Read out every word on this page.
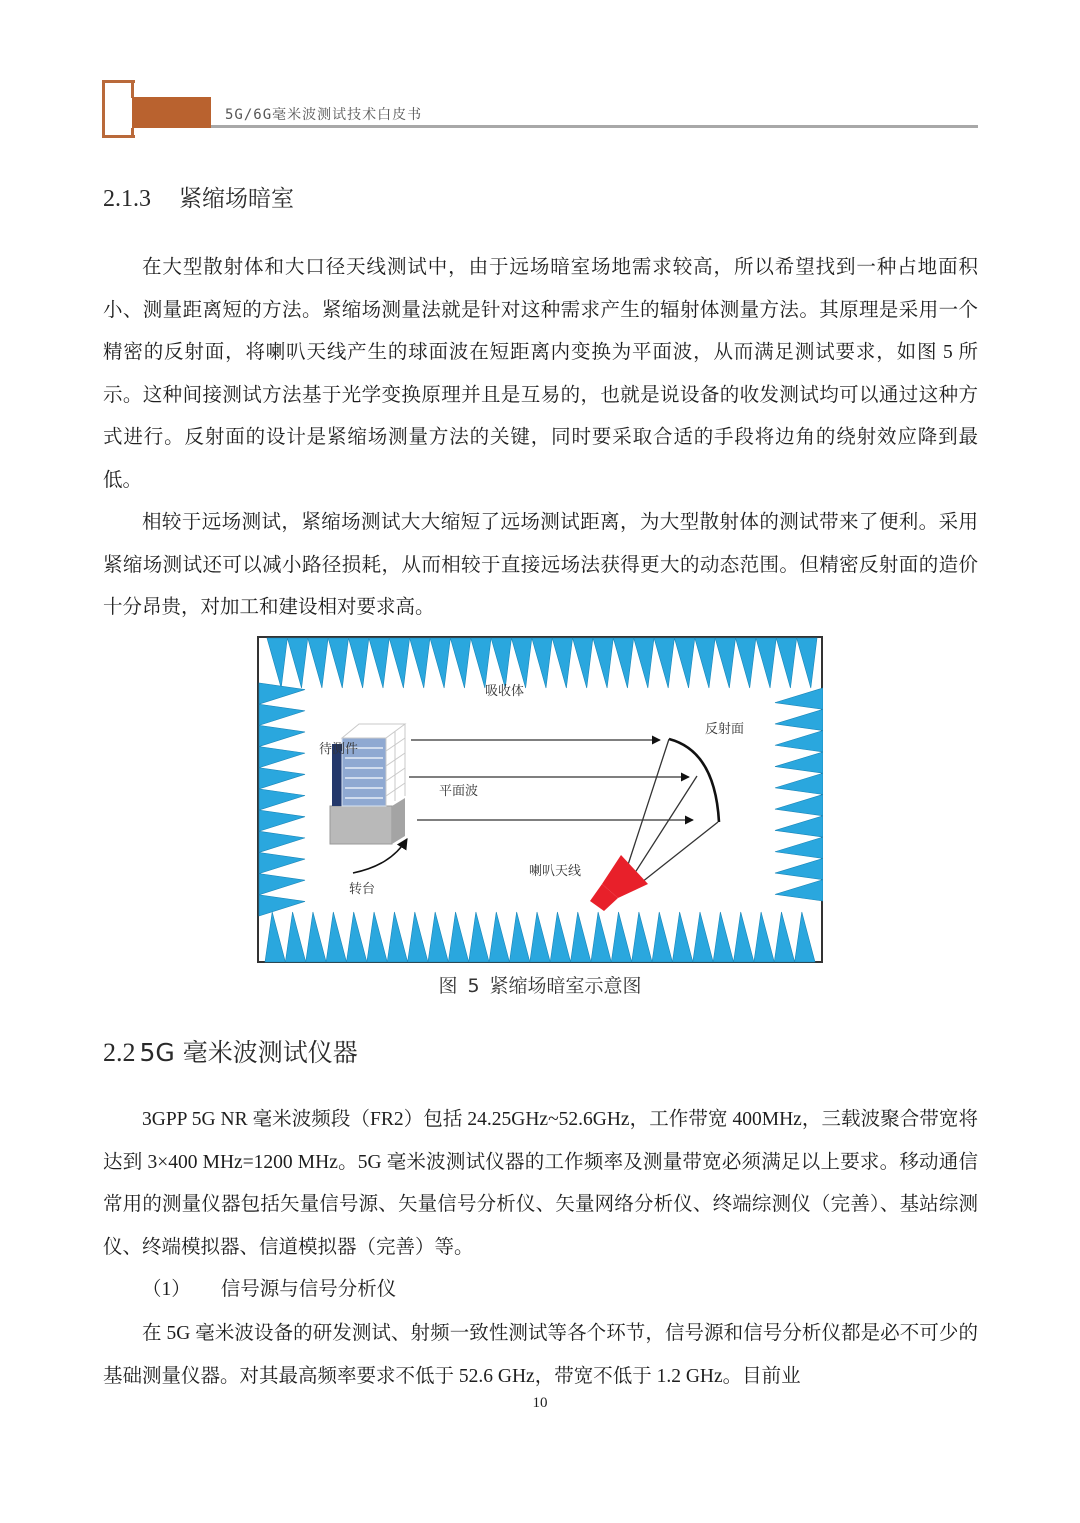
5G/6G毫米波测试技术白皮书
2.1.3 紧缩场暗室

在大型散射体和大口径天线测试中，由于远场暗室场地需求较高，所以希望找到一种占地面积小、测量距离短的方法。紧缩场测量法就是针对这种需求产生的辐射体测量方法。其原理是采用一个精密的反射面，将喇叭天线产生的球面波在短距离内变换为平面波，从而满足测试要求，如图 5 所示。这种间接测试方法基于光学变换原理并且是互易的，也就是说设备的收发测试均可以通过这种方式进行。反射面的设计是紧缩场测量方法的关键，同时要采取合适的手段将边角的绕射效应降到最低。

相较于远场测试，紧缩场测试大大缩短了远场测试距离，为大型散射体的测试带来了便利。采用紧缩场测试还可以减小路径损耗，从而相较于直接远场法获得更大的动态范围。但精密反射面的造价十分昂贵，对加工和建设相对要求高。

吸收体
待测件
平面波
反射面
喇叭天线
转台
图 5 紧缩场暗室示意图
2.2 5G 毫米波测试仪器

3GPP 5G NR 毫米波频段（FR2）包括 24.25GHz~52.6GHz，工作带宽 400MHz，三载波聚合带宽将达到 3×400 MHz=1200 MHz。5G 毫米波测试仪器的工作频率及测量带宽必须满足以上要求。移动通信常用的测量仪器包括矢量信号源、矢量信号分析仪、矢量网络分析仪、终端综测仪（完善）、基站综测仪、终端模拟器、信道模拟器（完善）等。

（1） 信号源与信号分析仪

在 5G 毫米波设备的研发测试、射频一致性测试等各个环节，信号源和信号分析仪都是必不可少的基础测量仪器。对其最高频率要求不低于 52.6 GHz，带宽不低于 1.2 GHz。目前业

10
